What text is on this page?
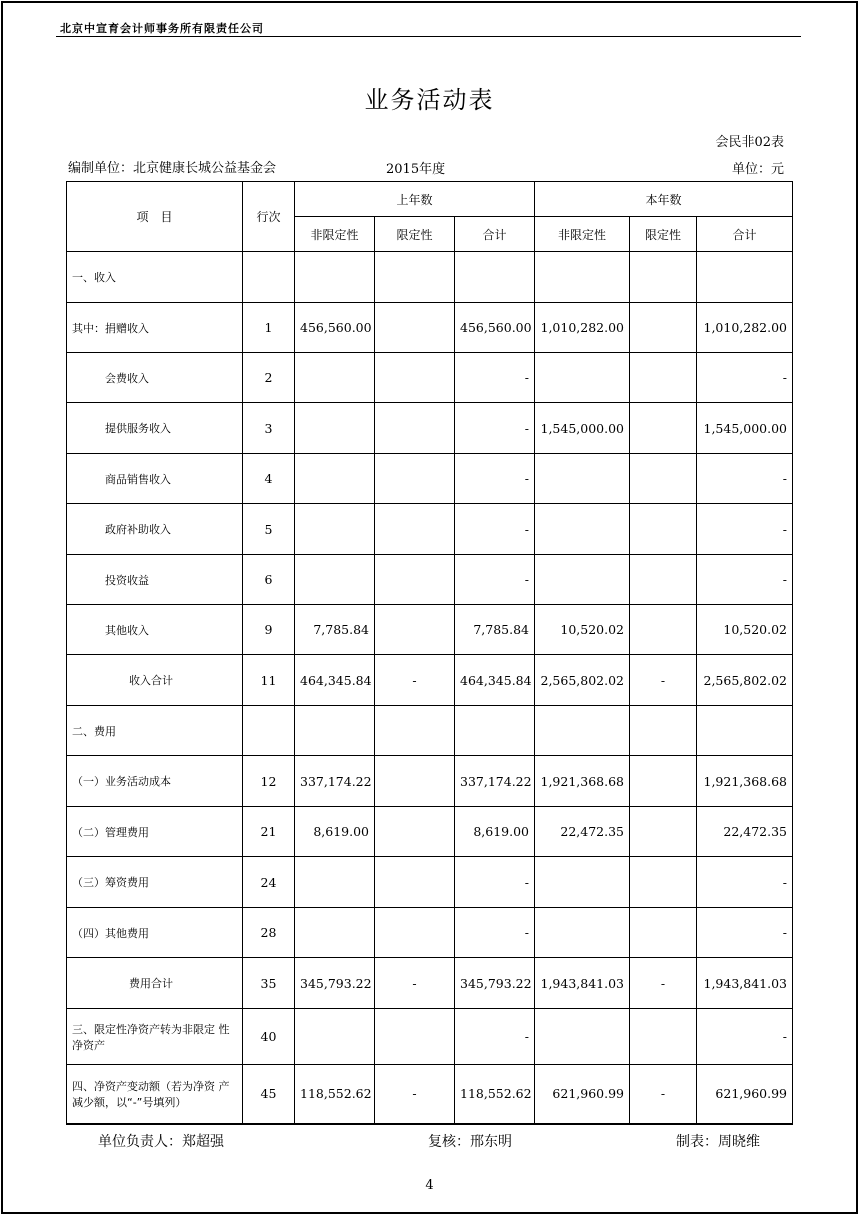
北京中宣育会计师事务所有限责任公司
业务活动表
会民非02表
编制单位：北京健康长城公益基金会	2015年度	单位：元
项　目	行次	上年数			本年数		
		非限定性	限定性	合计	非限定性	限定性	合计
一、收入							
其中：捐赠收入	1	456,560.00		456,560.00	1,010,282.00		1,010,282.00
会费收入	2			-			-
提供服务收入	3			-	1,545,000.00		1,545,000.00
商品销售收入	4			-			-
政府补助收入	5			-			-
投资收益	6			-			-
其他收入	9	7,785.84		7,785.84	10,520.02		10,520.02
收入合计	11	464,345.84	-	464,345.84	2,565,802.02	-	2,565,802.02
二、费用							
（一）业务活动成本	12	337,174.22		337,174.22	1,921,368.68		1,921,368.68
（二）管理费用	21	8,619.00		8,619.00	22,472.35		22,472.35
（三）筹资费用	24			-			-
（四）其他费用	28			-			-
费用合计	35	345,793.22	-	345,793.22	1,943,841.03	-	1,943,841.03
三、限定性净资产转为非限定 性净资产	40			-			-
四、净资产变动额（若为净资 产减少额，以“-”号填列）	45	118,552.62	-	118,552.62	621,960.99	-	621,960.99
单位负责人：郑超强	复核：邢东明	制表：周晓维
4
